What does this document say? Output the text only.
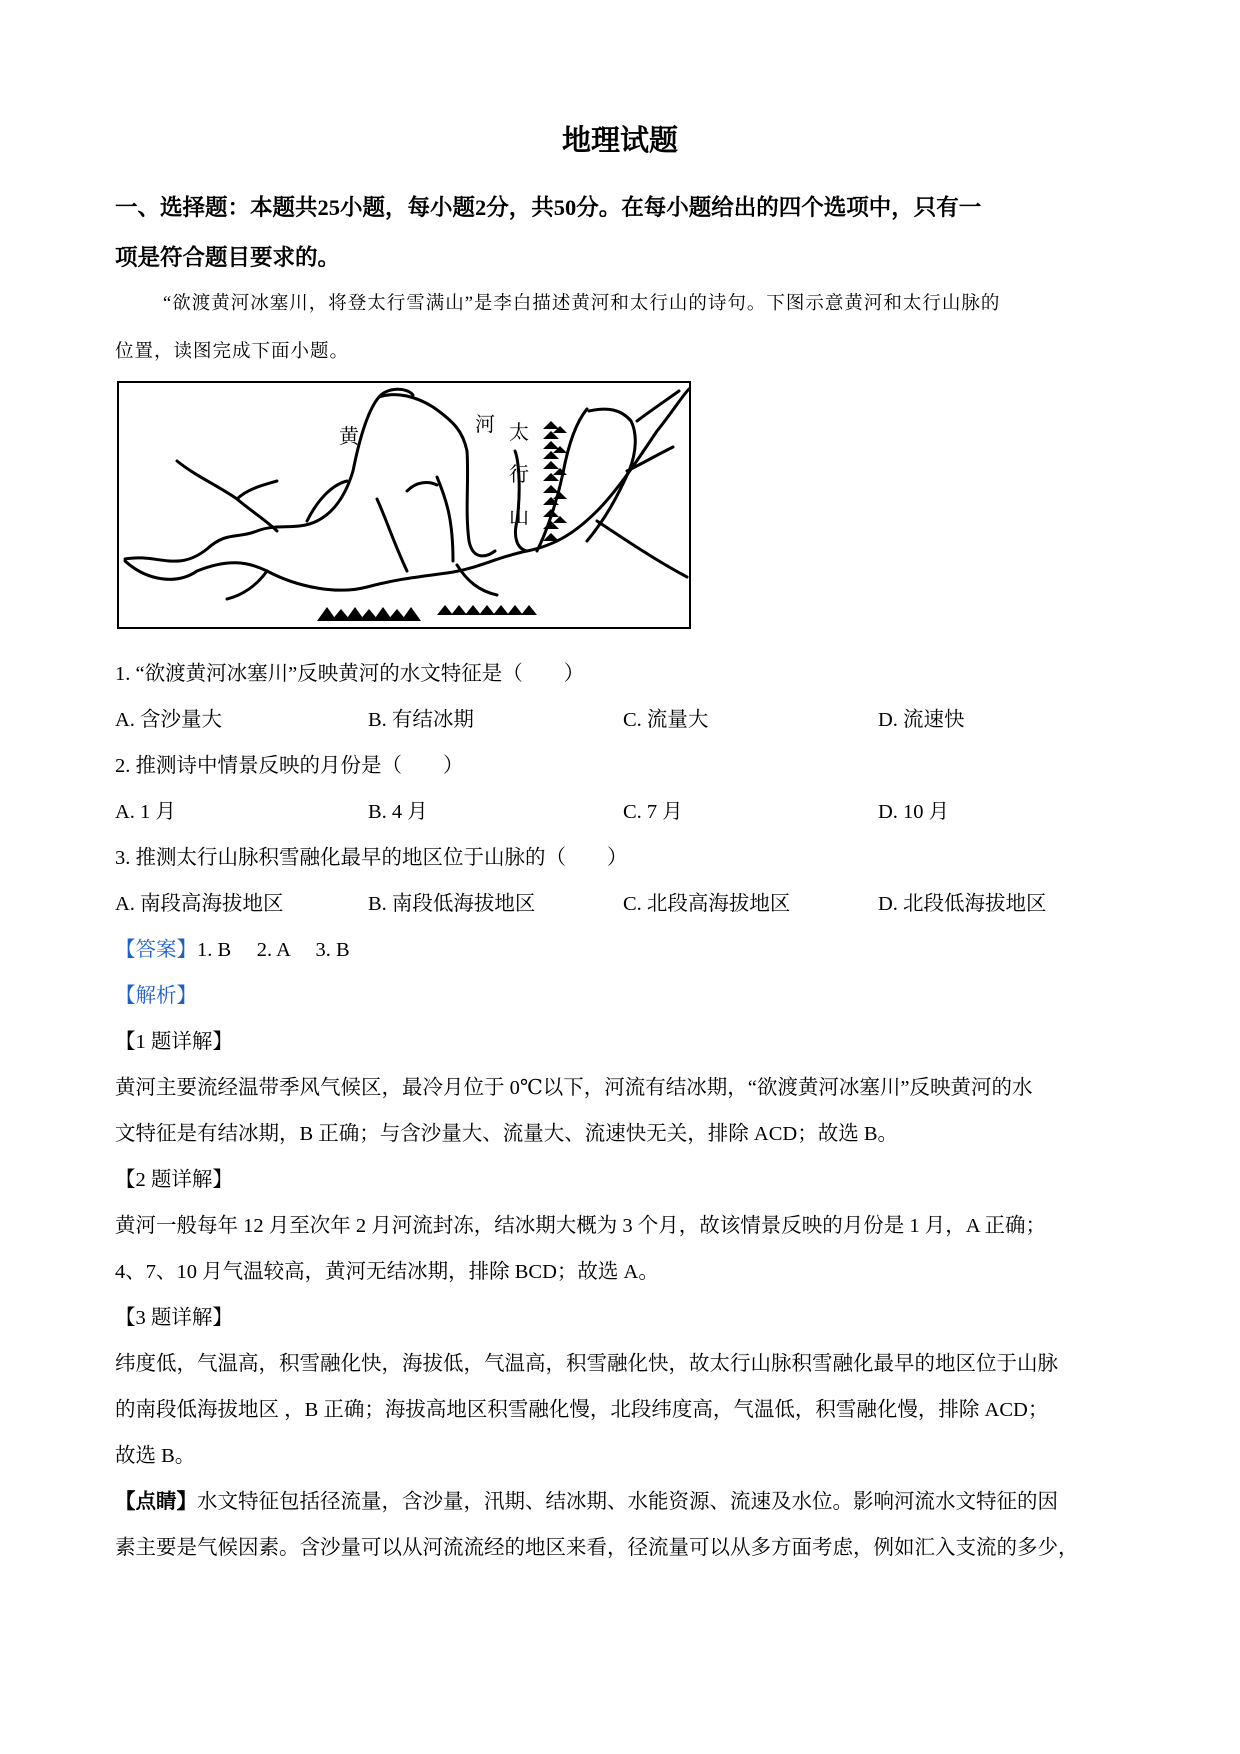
地理试题
一、选择题：本题共25小题，每小题2分，共50分。在每小题给出的四个选项中，只有一
项是符合题目要求的。
“欲渡黄河冰塞川，将登太行雪满山”是李白描述黄河和太行山的诗句。下图示意黄河和太行山脉的
位置，读图完成下面小题。
黄	河 太
行
山
1. “欲渡黄河冰塞川”反映黄河的水文特征是（　　）
A. 含沙量大	B. 有结冰期	C. 流量大	D. 流速快
2. 推测诗中情景反映的月份是（　　）
A. 1 月	B. 4 月	C. 7 月	D. 10 月
3. 推测太行山脉积雪融化最早的地区位于山脉的（　　）
A. 南段高海拔地区	B. 南段低海拔地区	C. 北段高海拔地区	D. 北段低海拔地区
【答案】1. B　 2. A　 3. B
【解析】
【1 题详解】
黄河主要流经温带季风气候区，最冷月位于 0℃以下，河流有结冰期，“欲渡黄河冰塞川”反映黄河的水
文特征是有结冰期，B 正确；与含沙量大、流量大、流速快无关，排除 ACD；故选 B。
【2 题详解】
黄河一般每年 12 月至次年 2 月河流封冻，结冰期大概为 3 个月，故该情景反映的月份是 1 月，A 正确；
4、7、10 月气温较高，黄河无结冰期，排除 BCD；故选 A。
【3 题详解】
纬度低，气温高，积雪融化快，海拔低，气温高，积雪融化快，故太行山脉积雪融化最早的地区位于山脉
的南段低海拔地区 ，B 正确；海拔高地区积雪融化慢，北段纬度高，气温低，积雪融化慢，排除 ACD；
故选 B。
【点睛】水文特征包括径流量，含沙量，汛期、结冰期、水能资源、流速及水位。影响河流水文特征的因
素主要是气候因素。含沙量可以从河流流经的地区来看，径流量可以从多方面考虑，例如汇入支流的多少，
